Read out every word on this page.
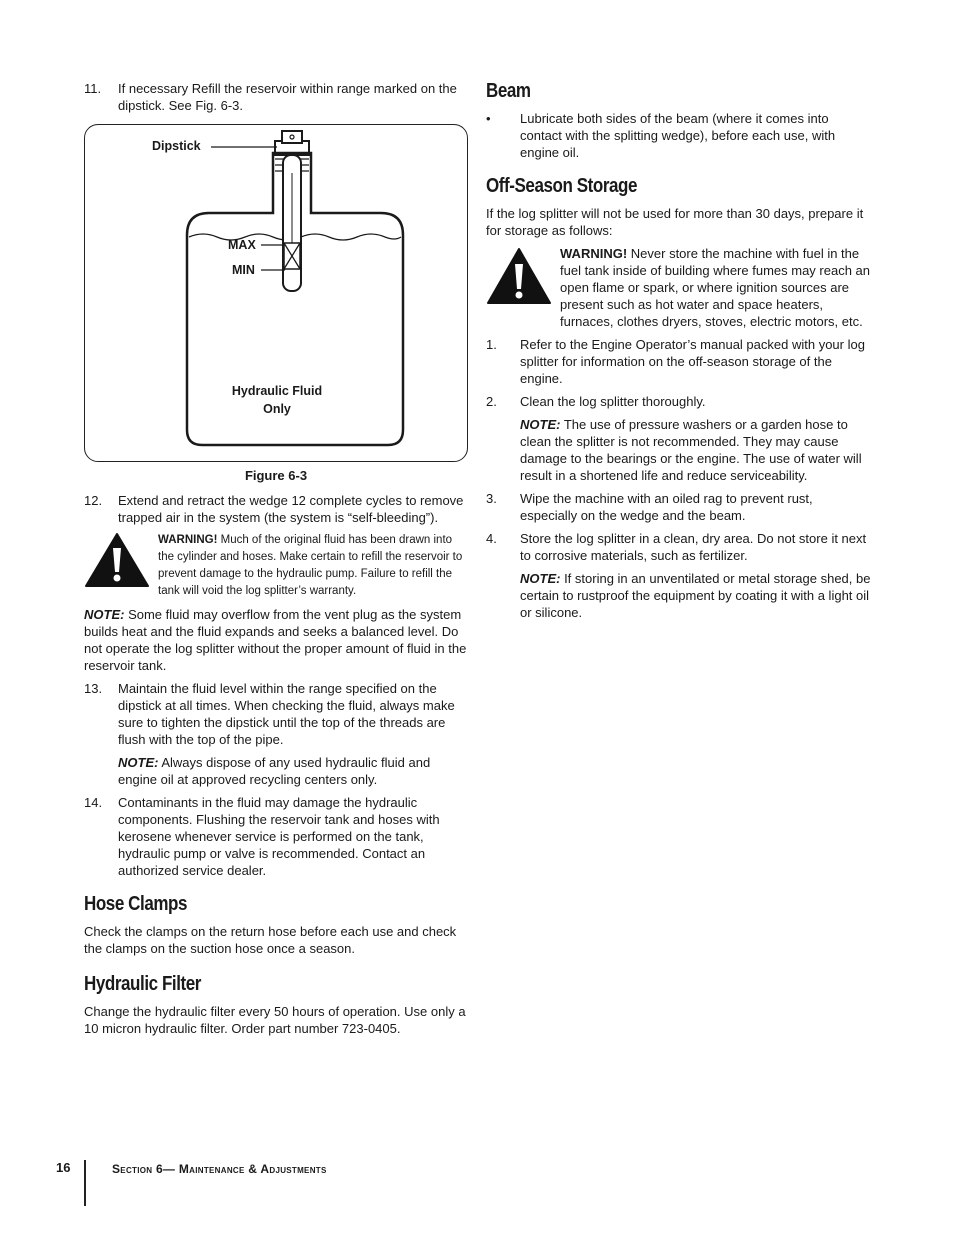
11.	If necessary Refill the reservoir within range marked on the dipstick. See Fig. 6-3.
Dipstick
MAX
MIN
Hydraulic Fluid
Only
Figure 6-3
12.	Extend and retract the wedge 12 complete cycles to remove trapped air in the system (the system is “self-bleeding”).
WARNING! Much of the original fluid has been drawn into the cylinder and hoses. Make certain to refill the reservoir to prevent damage to the hydraulic pump. Failure to refill the tank will void the log splitter’s warranty.

NOTE: Some fluid may overflow from the vent plug as the system builds heat and the fluid expands and seeks a balanced level. Do not operate the log splitter without the proper amount of fluid in the reservoir tank.

13.	Maintain the fluid level within the range specified on the dipstick at all times. When checking the fluid, always make sure to tighten the dipstick until the top of the threads are flush with the top of the pipe.

NOTE: Always dispose of any used hydraulic fluid and engine oil at approved recycling centers only.

14.	Contaminants in the fluid may damage the hydraulic components. Flushing the reservoir tank and hoses with kerosene whenever service is performed on the tank, hydraulic pump or valve is recommended. Contact an authorized service dealer.
Hose Clamps

Check the clamps on the return hose before each use and check the clamps on the suction hose once a season.

Hydraulic Filter

Change the hydraulic filter every 50 hours of operation. Use only a 10 micron hydraulic filter. Order part number 723-0405.

Beam
•	Lubricate both sides of the beam (where it comes into contact with the splitting wedge), before each use, with engine oil.
Off-Season Storage

If the log splitter will not be used for more than 30 days, prepare it for storage as follows:

WARNING! Never store the machine with fuel in the fuel tank inside of building where fumes may reach an open flame or spark, or where ignition sources are present such as hot water and space heaters, furnaces, clothes dryers, stoves, electric motors, etc.

1.	Refer to the Engine Operator’s manual packed with your log splitter for information on the off-season storage of the engine.
2.	Clean the log splitter thoroughly.

NOTE: The use of pressure washers or a garden hose to clean the splitter is not recommended. They may cause damage to the bearings or the engine. The use of water will result in a shortened life and reduce serviceability.

3.	Wipe the machine with an oiled rag to prevent rust, especially on the wedge and the beam.
4.	Store the log splitter in a clean, dry area. Do not store it next to corrosive materials, such as fertilizer.

NOTE: If storing in an unventilated or metal storage shed, be certain to rustproof the equipment by coating it with a light oil or silicone.

16	Section 6— Maintenance & Adjustments
